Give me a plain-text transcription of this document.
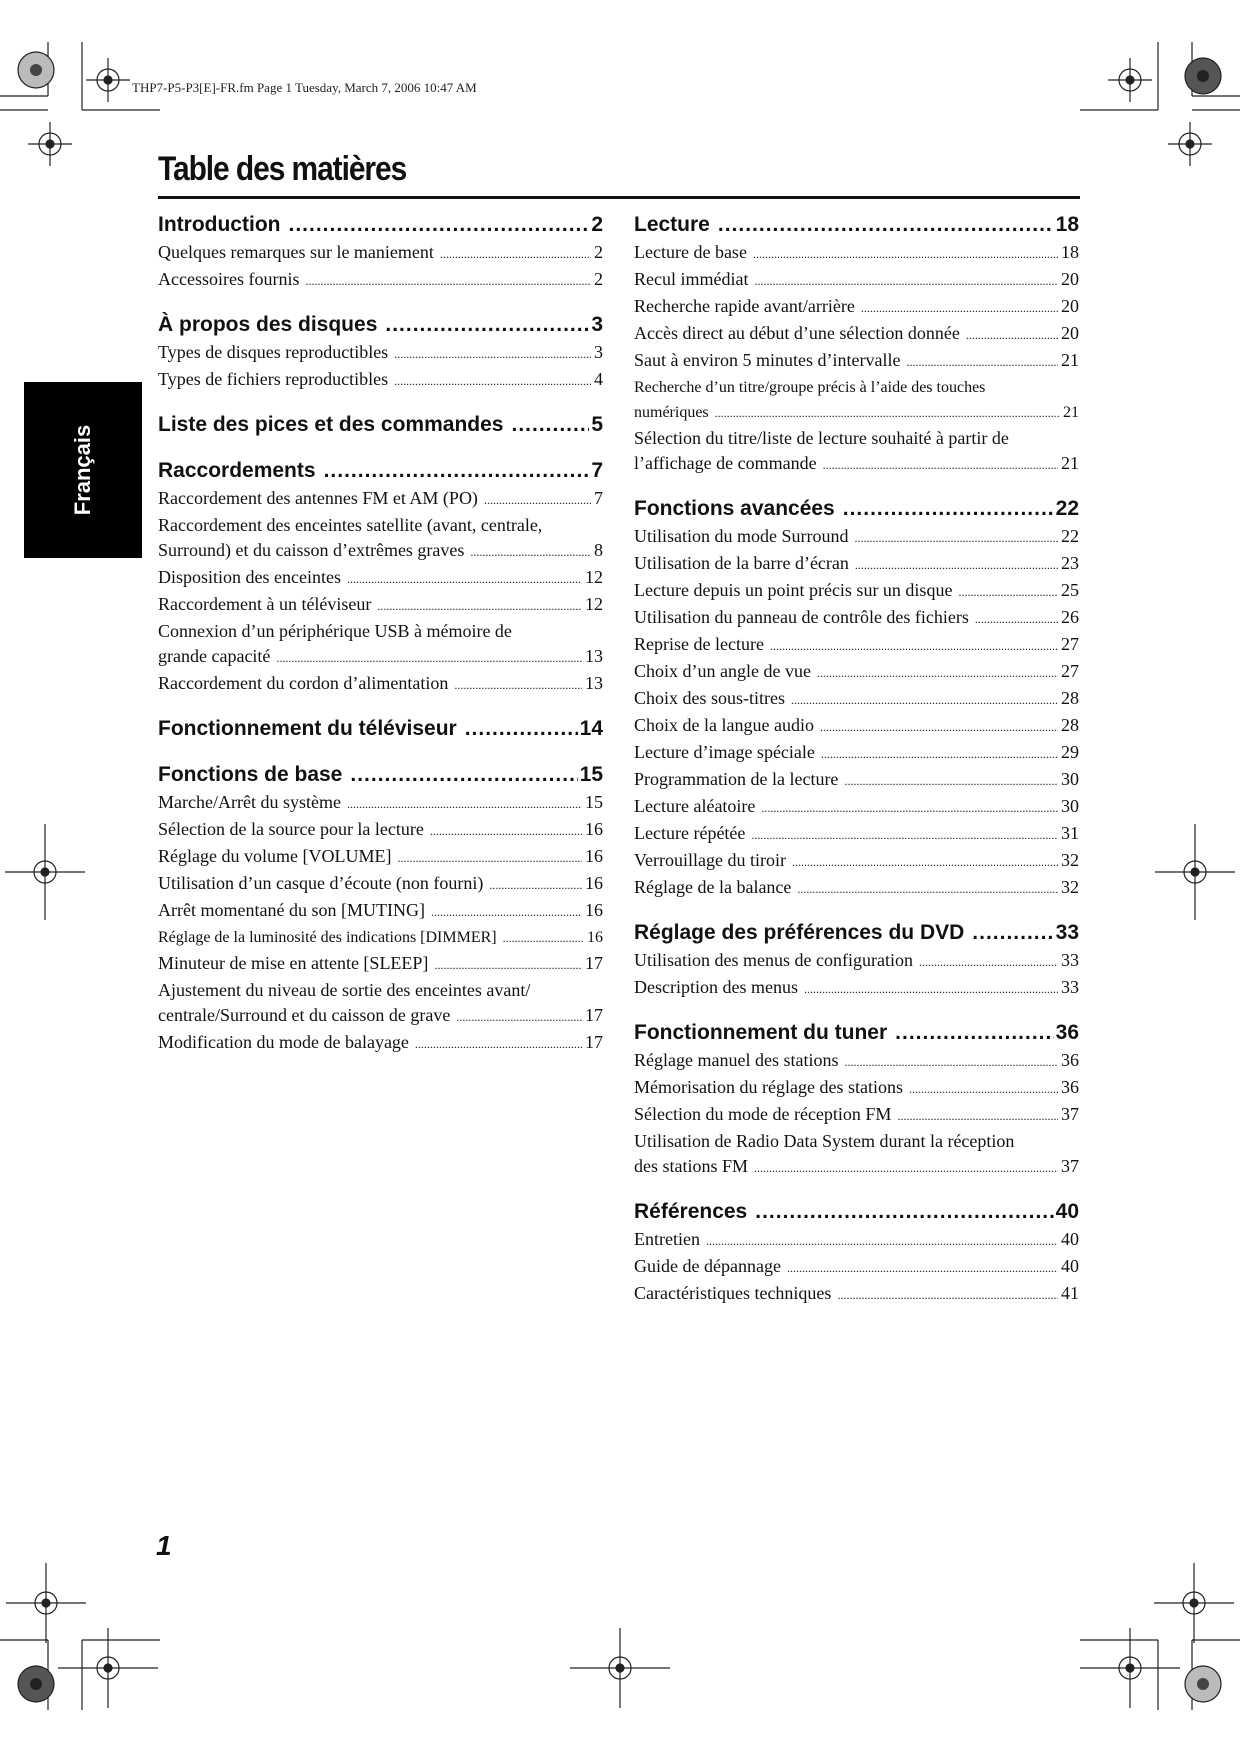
THP7-P5-P3[E]-FR.fm Page 1 Tuesday, March 7, 2006 10:47 AM
Table des matières
Français
Introduction .....	2
Quelques remarques sur le maniement .....	2
Accessoires fournis .....	2
À propos des disques .....	3
Types de disques reproductibles .....	3
Types de fichiers reproductibles .....	4
Liste des pices et des commandes .....	5
Raccordements .....	7
Raccordement des antennes FM et AM (PO) .....	7
Raccordement des enceintes satellite (avant, centrale,
Surround) et du caisson d’extrêmes graves .....	8
Disposition des enceintes .....	12
Raccordement à un téléviseur .....	12
Connexion d’un périphérique USB à mémoire de
grande capacité .....	13
Raccordement du cordon d’alimentation .....	13
Fonctionnement du téléviseur .....	14
Fonctions de base .....	15
Marche/Arrêt du système .....	15
Sélection de la source pour la lecture .....	16
Réglage du volume [VOLUME] .....	16
Utilisation d’un casque d’écoute (non fourni) .....	16
Arrêt momentané du son [MUTING] .....	16
Réglage de la luminosité des indications [DIMMER] .....	16
Minuteur de mise en attente [SLEEP] .....	17
Ajustement du niveau de sortie des enceintes avant/
centrale/Surround et du caisson de grave .....	17
Modification du mode de balayage .....	17
Lecture .....	18
Lecture de base .....	18
Recul immédiat .....	20
Recherche rapide avant/arrière .....	20
Accès direct au début d’une sélection donnée .....	20
Saut à environ 5 minutes d’intervalle .....	21
Recherche d’un titre/groupe précis à l’aide des touches
numériques .....	21
Sélection du titre/liste de lecture souhaité à partir de
l’affichage de commande .....	21
Fonctions avancées .....	22
Utilisation du mode Surround .....	22
Utilisation de la barre d’écran .....	23
Lecture depuis un point précis sur un disque .....	25
Utilisation du panneau de contrôle des fichiers .....	26
Reprise de lecture .....	27
Choix d’un angle de vue .....	27
Choix des sous-titres .....	28
Choix de la langue audio .....	28
Lecture d’image spéciale .....	29
Programmation de la lecture .....	30
Lecture aléatoire .....	30
Lecture répétée .....	31
Verrouillage du tiroir .....	32
Réglage de la balance .....	32
Réglage des préférences du DVD .....	33
Utilisation des menus de configuration .....	33
Description des menus .....	33
Fonctionnement du tuner .....	36
Réglage manuel des stations .....	36
Mémorisation du réglage des stations .....	36
Sélection du mode de réception FM .....	37
Utilisation de Radio Data System durant la réception
des stations FM .....	37
Références .....	40
Entretien .....	40
Guide de dépannage .....	40
Caractéristiques techniques .....	41
1
